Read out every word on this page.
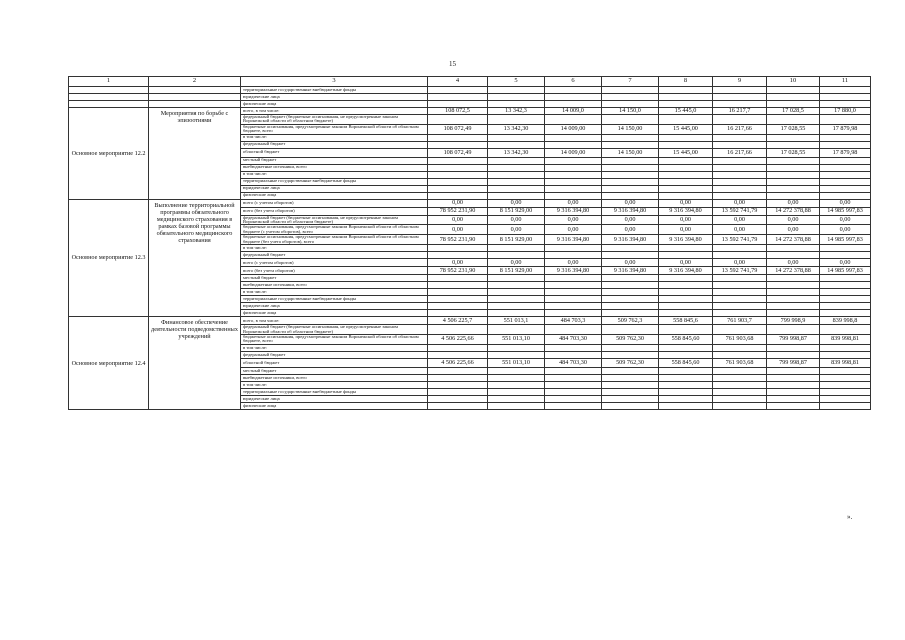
15
1	2	3	4	5	6	7	8	9	10	11
		территориальные государственные внебюджетные фонды								
		юридические лица								
		физические лица								
Основное мероприятие 12.2	Мероприятия по борьбе с эпизоотиями	всего, в том числе:	108 072,5	13 342,3	14 009,0	14 150,0	15 445,0	16 217,7	17 028,5	17 880,0
		федеральный бюджет (бюджетные ассигнования, не предусмотренные законом Воронежской области об областном бюджете)								
		бюджетные ассигнования, предусмотренные законом Воронежской области об областном бюджете, всего	108 072,49	13 342,30	14 009,00	14 150,00	15 445,00	16 217,66	17 028,55	17 879,98
		в том числе:								
		федеральный бюджет								
		областной бюджет	108 072,49	13 342,30	14 009,00	14 150,00	15 445,00	16 217,66	17 028,55	17 879,98
		местный бюджет								
		внебюджетные источники, всего								
		в том числе:								
		территориальные государственные внебюджетные фонды								
		юридические лица								
		физические лица								
Основное мероприятие 12.3	Выполнение территориальной программы обязательного медицинского страхования в рамках базовой программы обязательного медицинского страхования	всего (с учетом оборотов)	0,00	0,00	0,00	0,00	0,00	0,00	0,00	0,00
		всего (без учета оборотов)	78 952 231,90	8 151 929,00	9 316 394,80	9 316 394,80	9 316 394,80	13 592 741,79	14 272 378,88	14 985 997,83
		федеральный бюджет (бюджетные ассигнования, не предусмотренные законом Воронежской области об областном бюджете)	0,00	0,00	0,00	0,00	0,00	0,00	0,00	0,00
		бюджетные ассигнования, предусмотренные законом Воронежской области об областном бюджете (с учетом оборотов), всего	0,00	0,00	0,00	0,00	0,00	0,00	0,00	0,00
		бюджетные ассигнования, предусмотренные законом Воронежской области об областном бюджете (без учета оборотов), всего	78 952 231,90	8 151 929,00	9 316 394,80	9 316 394,80	9 316 394,80	13 592 741,79	14 272 378,88	14 985 997,83
		в том числе:								
		федеральный бюджет								
		всего (с учетом оборотов)	0,00	0,00	0,00	0,00	0,00	0,00	0,00	0,00
		всего (без учета оборотов)	78 952 231,90	8 151 929,00	9 316 394,80	9 316 394,80	9 316 394,80	13 592 741,79	14 272 378,88	14 985 997,83
		местный бюджет								
		внебюджетные источники, всего								
		в том числе:								
		территориальные государственные внебюджетные фонды								
		юридические лица								
		физические лица								
Основное мероприятие 12.4	Финансовое обеспечение деятельности подведомственных учреждений	всего, в том числе:	4 506 225,7	551 013,1	484 703,3	509 762,3	558 845,6	761 903,7	799 998,9	839 998,8
		федеральный бюджет (бюджетные ассигнования, не предусмотренные законом Воронежской области об областном бюджете)								
		бюджетные ассигнования, предусмотренные законом Воронежской области об областном бюджете, всего	4 506 225,66	551 013,10	484 703,30	509 762,30	558 845,60	761 903,68	799 998,87	839 998,81
		в том числе:								
		федеральный бюджет								
		областной бюджет	4 506 225,66	551 013,10	484 703,30	509 762,30	558 845,60	761 903,68	799 998,87	839 998,81
		местный бюджет								
		внебюджетные источники, всего								
		в том числе:								
		территориальные государственные внебюджетные фонды								
		юридические лица								
		физические лица								
».
